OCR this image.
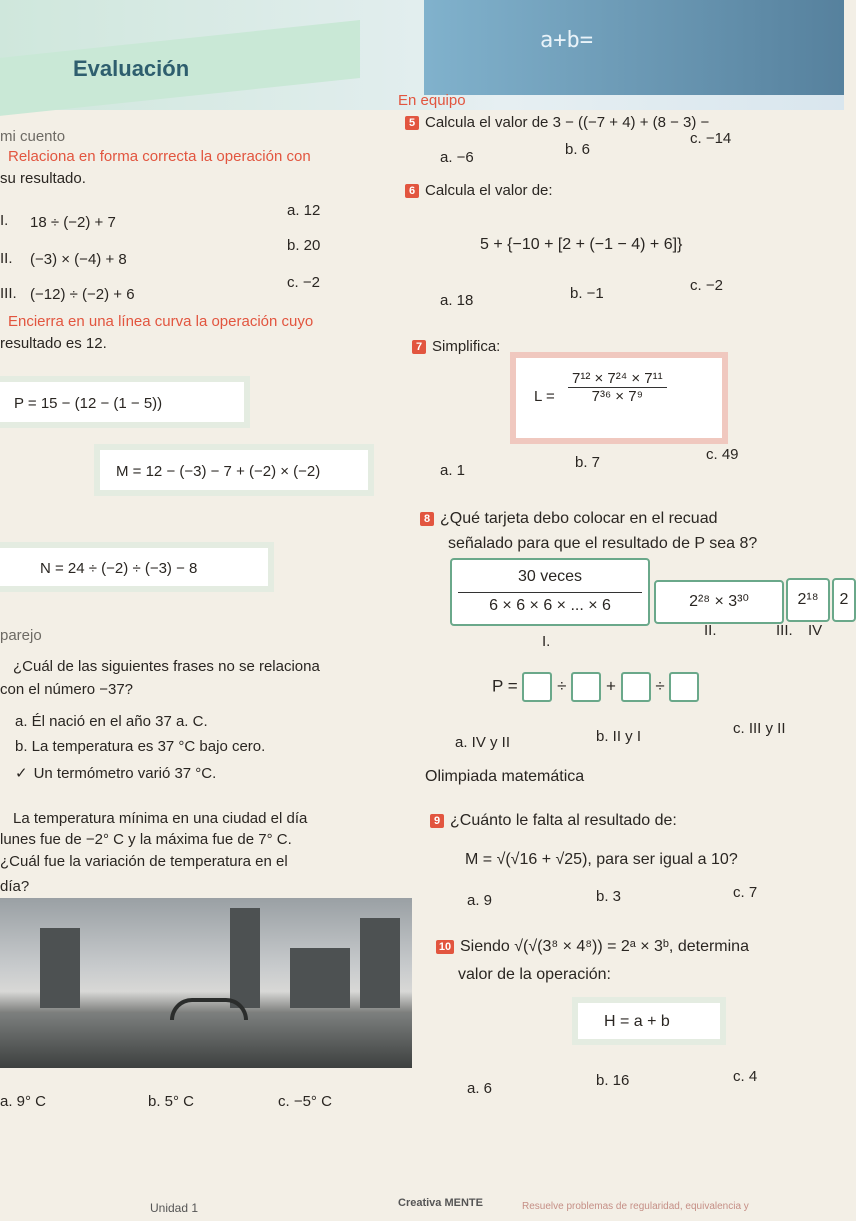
a+b=
Evaluación
mi cuento
Relaciona en forma correcta la operación con
su resultado.
I. 18 ÷ (−2) + 7
a. 12
II. (−3) × (−4) + 8
b. 20
III. (−12) ÷ (−2) + 6
c. −2
Encierra en una línea curva la operación cuyo
resultado es 12.
P = 15 − (12 − (1 − 5))
M = 12 − (−3) − 7 + (−2) × (−2)
N = 24 ÷ (−2) ÷ (−3) − 8
parejo
¿Cuál de las siguientes frases no se relaciona
con el número −37?
a. Él nació en el año 37 a. C.
b. La temperatura es 37 °C bajo cero.
✓ Un termómetro varió 37 °C.
La temperatura mínima en una ciudad el día
lunes fue de −2° C y la máxima fue de 7° C.
¿Cuál fue la variación de temperatura en el
día?
a. 9° C	b. 5° C	c. −5° C
En equipo
5 Calcula el valor de 3 − ((−7 + 4) + (8 − 3) −
a. −6	b. 6
c. −14
6 Calcula el valor de:
5 + {−10 + [2 + (−1 − 4) + 6]}
a. 18	b. −1	c. −2
7 Simplifica:
$L = \frac{\text{7¹² × 7²⁴ × 7¹¹}}{\text{7³⁶ × 7⁹}}$
a. 1	b. 7	c. 49
8 ¿Qué tarjeta debo colocar en el recuad
señalado para que el resultado de P sea 8?
30 veces
6 × 6 × 6 × ... × 6	2²⁸ × 3³⁰	2¹⁸	2
I.
II.	III. IV
P = ÷ + ÷
a. IV y II	b. II y I	c. III y II
Olimpiada matemática
9 ¿Cuánto le falta al resultado de:
M = √(√16 + √25), para ser igual a 10?
a. 9	b. 3	c. 7
10 Siendo √(√(3⁸ × 4⁸)) = 2ᵃ × 3ᵇ, determina
valor de la operación:
H = a + b
a. 6	b. 16	c. 4
Unidad 1	Creativa MENTE	Resuelve problemas de regularidad, equivalencia y
